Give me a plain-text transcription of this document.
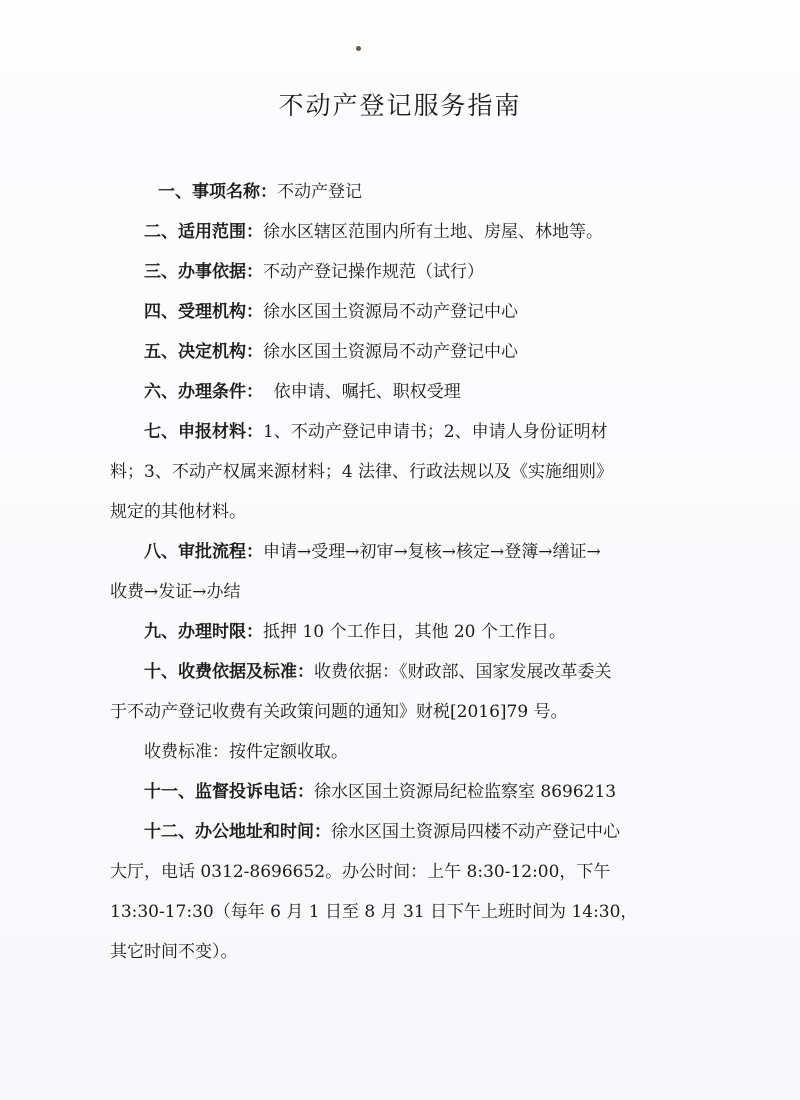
不动产登记服务指南
一、事项名称：不动产登记
二、适用范围：徐水区辖区范围内所有土地、房屋、林地等。
三、办事依据：不动产登记操作规范（试行）
四、受理机构：徐水区国土资源局不动产登记中心
五、决定机构：徐水区国土资源局不动产登记中心
六、办理条件：  依申请、嘱托、职权受理
七、申报材料：1、不动产登记申请书；2、申请人身份证明材
料；3、不动产权属来源材料；4 法律、行政法规以及《实施细则》
规定的其他材料。
八、审批流程：申请→受理→初审→复核→核定→登簿→缮证→
收费→发证→办结
九、办理时限：抵押 10 个工作日，其他 20 个工作日。
十、收费依据及标准：收费依据：《财政部、国家发展改革委关
于不动产登记收费有关政策问题的通知》财税[2016]79 号。
收费标准：按件定额收取。
十一、监督投诉电话：徐水区国土资源局纪检监察室 8696213
十二、办公地址和时间：徐水区国土资源局四楼不动产登记中心
大厅，电话 0312-8696652。办公时间：上午 8:30-12:00，下午
13:30-17:30（每年 6 月 1 日至 8 月 31 日下午上班时间为 14:30，
其它时间不变）。
